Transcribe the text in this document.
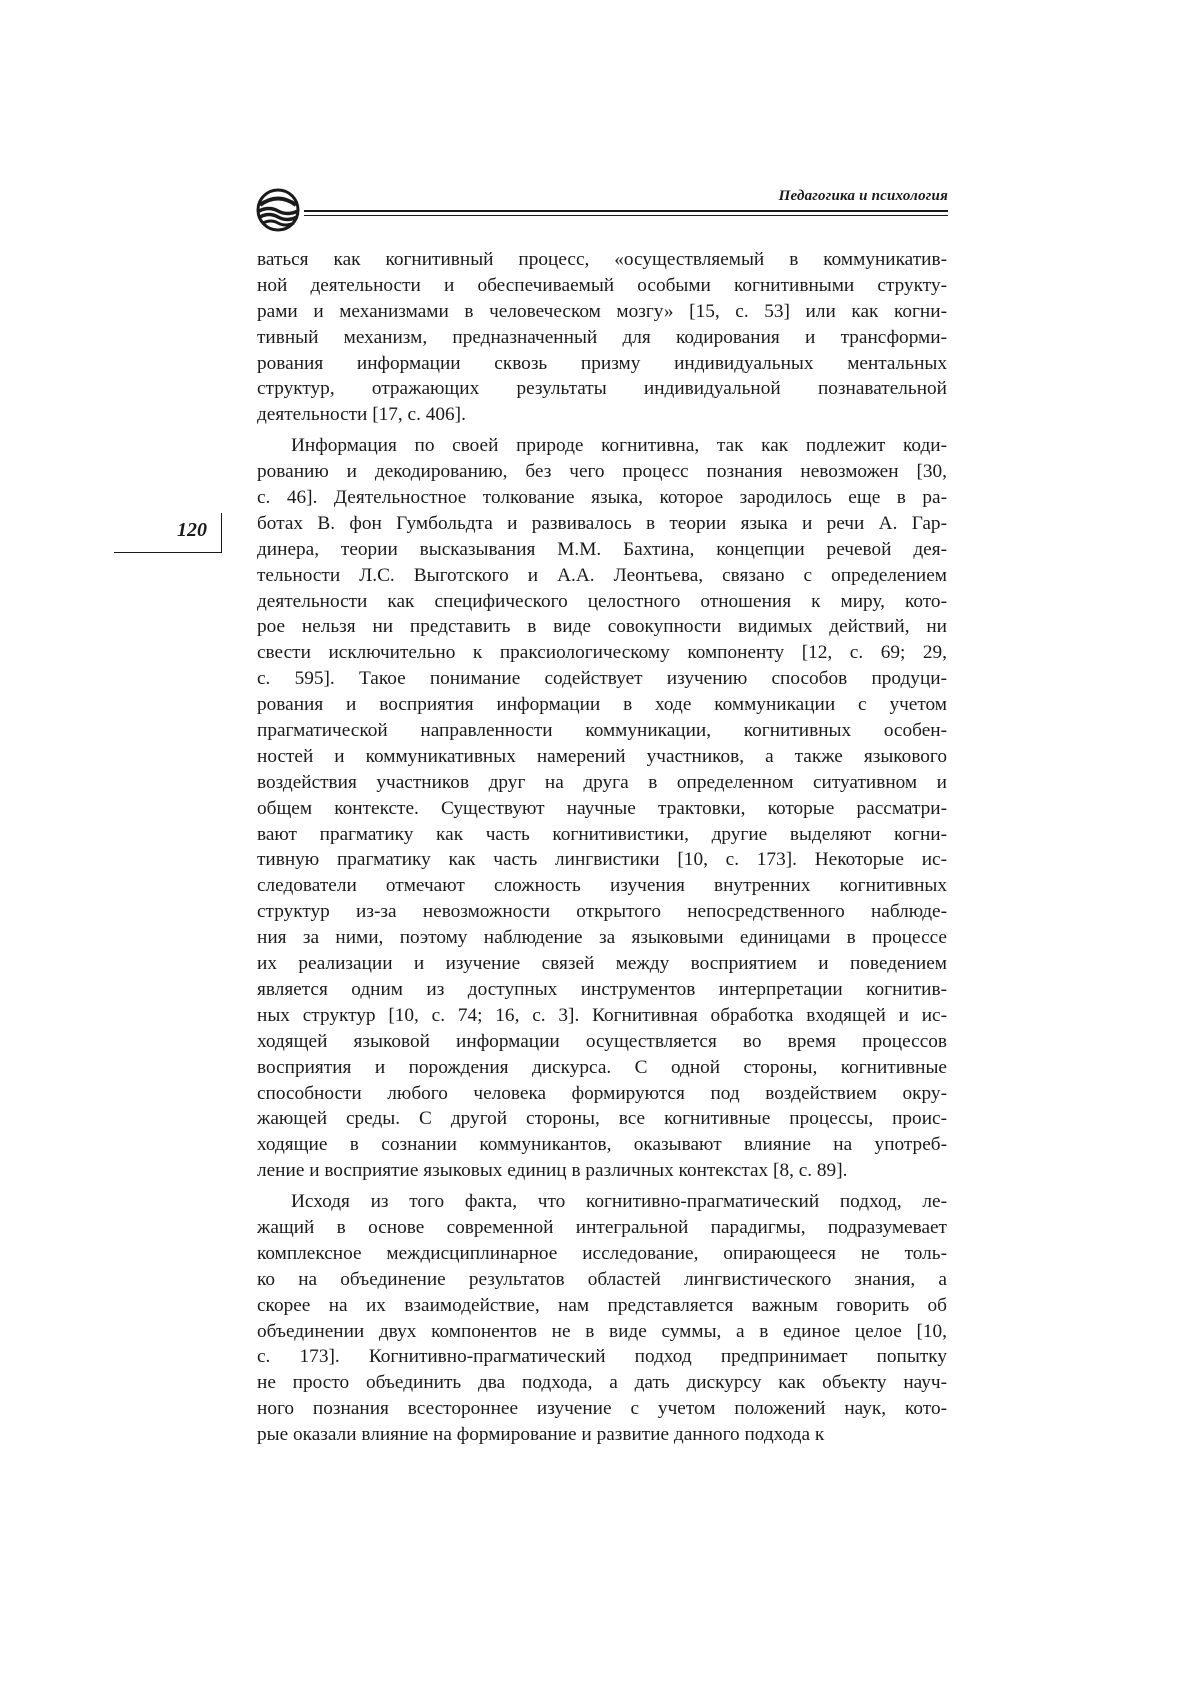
Педагогика и психология
120
ваться как когнитивный процесс, «осуществляемый в коммуникатив-
ной деятельности и обеспечиваемый особыми когнитивными структу-
рами и механизмами в человеческом мозгу» [15, с. 53] или как когни-
тивный механизм, предназначенный для кодирования и трансформи-
рования информации сквозь призму индивидуальных ментальных
структур, отражающих результаты индивидуальной познавательной
деятельности [17, с. 406].
Информация по своей природе когнитивна, так как подлежит коди-
рованию и декодированию, без чего процесс познания невозможен [30,
с. 46]. Деятельностное толкование языка, которое зародилось еще в ра-
ботах В. фон Гумбольдта и развивалось в теории языка и речи А. Гар-
динера, теории высказывания М.М. Бахтина, концепции речевой дея-
тельности Л.С. Выготского и А.А. Леонтьева, связано с определением
деятельности как специфического целостного отношения к миру, кото-
рое нельзя ни представить в виде совокупности видимых действий, ни
свести исключительно к праксиологическому компоненту [12, с. 69; 29,
с. 595]. Такое понимание содействует изучению способов продуци-
рования и восприятия информации в ходе коммуникации с учетом
прагматической направленности коммуникации, когнитивных особен-
ностей и коммуникативных намерений участников, а также языкового
воздействия участников друг на друга в определенном ситуативном и
общем контексте. Существуют научные трактовки, которые рассматри-
вают прагматику как часть когнитивистики, другие выделяют когни-
тивную прагматику как часть лингвистики [10, с. 173]. Некоторые ис-
следователи отмечают сложность изучения внутренних когнитивных
структур из-за невозможности открытого непосредственного наблюде-
ния за ними, поэтому наблюдение за языковыми единицами в процессе
их реализации и изучение связей между восприятием и поведением
является одним из доступных инструментов интерпретации когнитив-
ных структур [10, с. 74; 16, с. 3]. Когнитивная обработка входящей и ис-
ходящей языковой информации осуществляется во время процессов
восприятия и порождения дискурса. С одной стороны, когнитивные
способности любого человека формируются под воздействием окру-
жающей среды. С другой стороны, все когнитивные процессы, проис-
ходящие в сознании коммуникантов, оказывают влияние на употреб-
ление и восприятие языковых единиц в различных контекстах [8, с. 89].
Исходя из того факта, что когнитивно-прагматический подход, ле-
жащий в основе современной интегральной парадигмы, подразумевает
комплексное междисциплинарное исследование, опирающееся не толь-
ко на объединение результатов областей лингвистического знания, а
скорее на их взаимодействие, нам представляется важным говорить об
объединении двух компонентов не в виде суммы, а в единое целое [10,
с. 173]. Когнитивно-прагматический подход предпринимает попытку
не просто объединить два подхода, а дать дискурсу как объекту науч-
ного познания всестороннее изучение с учетом положений наук, кото-
рые оказали влияние на формирование и развитие данного подхода к
